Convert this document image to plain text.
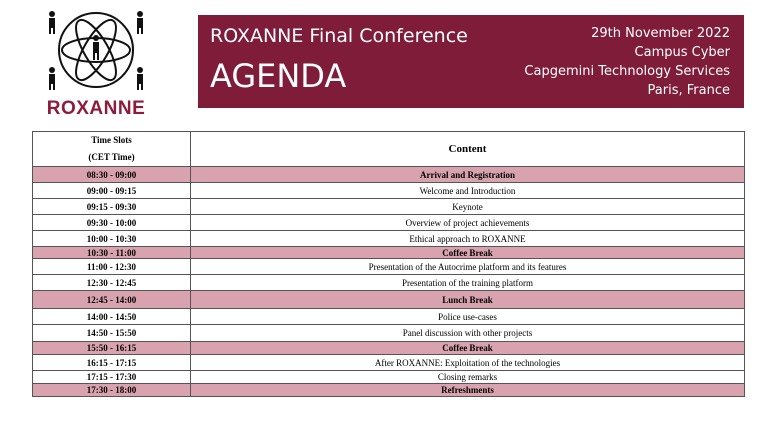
ROXANNE
ROXANNE Final Conference
AGENDA
29th November 2022
Campus Cyber
Capgemini Technology Services
Paris, France
Time Slots
(CET Time)	Content
08:30 - 09:00	Arrival and Registration
09:00 - 09:15	Welcome and Introduction
09:15 - 09:30	Keynote
09:30 - 10:00	Overview of project achievements
10:00 - 10:30	Ethical approach to ROXANNE
10:30 - 11:00	Coffee Break
11:00 - 12:30	Presentation of the Autocrime platform and its features
12:30 - 12:45	Presentation of the training platform
12:45 - 14:00	Lunch Break
14:00 - 14:50	Police use-cases
14:50 - 15:50	Panel discussion with other projects
15:50 - 16:15	Coffee Break
16:15 - 17:15	After ROXANNE: Exploitation of the technologies
17:15 - 17:30	Closing remarks
17:30 - 18:00	Refreshments
